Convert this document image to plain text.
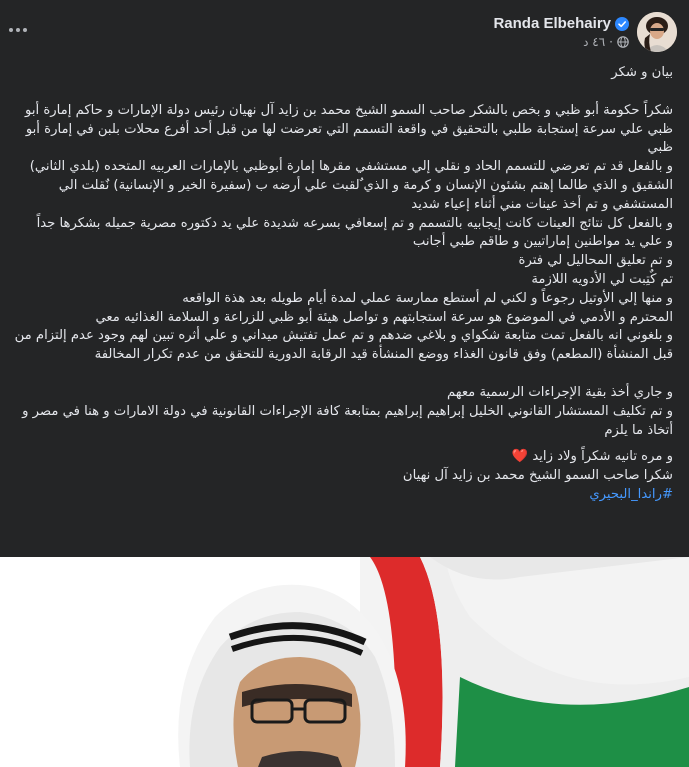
Randa Elbehairy
٤٦ د ·

بيان و شكر

شكراً حكومة أبو ظبي و بخص بالشكر صاحب السمو الشيخ محمد بن زايد آل نهيان رئيس دولة الإمارات و حاكم إمارة أبو ظبي علي سرعة إستجابة طلبي بالتحقيق في واقعة التسمم التي تعرضت لها من قبل أحد أفرع محلات بلبن في إمارة أبو ظبي

و بالفعل قد تم تعرضي للتسمم الحاد و نقلي إلي مستشفي مقرها إمارة أبوظبي بالإمارات العربيه المتحده (بلدي الثاني) الشقيق و الذي طالما إهتم بشئون الإنسان و كرمة و الذي ٌلقبت علي أرضه ب (سفيرة الخير و الإنسانية) نٌقلت الي المستشفي و تم أخذ عينات مني أثناء إعياء شديد

و بالفعل كل نتائج العينات كانت إيجابيه بالتسمم و تم إسعافي بسرعه شديدة علي يد دكتوره مصرية جميله بشكرها جداً

و علي يد مواطنين إماراتيين و طاقم طبي أجانب

و تم تعليق المحاليل لي فترة

تم كٌتِبت لي الأدويه اللازمة

و منها إلي الأوتيل رجوعاً و لكني لم أستطع ممارسة عملي لمدة أيام طويله بعد هذة الواقعه

المحترم و الأدمي في الموضوع هو سرعة استجابتهم و تواصل هيئة أبو ظبي للزراعة و السلامة الغذائيه معي

و بلغوني انه بالفعل تمت متابعة شكواي و بلاغي ضدهم و تم عمل تفتيش ميداني و علي أثره تبين لهم وجود عدم إلتزام من قبل المنشأة (المطعم) وفق قانون الغذاء ووضع المنشأة قيد الرقابة الدورية للتحقق من عدم تكرار المخالفة

و جاري أخذ بقية الإجراءات الرسمية معهم

و تم تكليف المستشار القانوني الخليل إبراهيم إبراهيم بمتابعة كافة الإجراءات القانونية في دولة الامارات و هنا في مصر و أتخاذ ما يلزم

و مره تانيه شكراً ولاد زايد ❤️

شكرا صاحب السمو الشيخ محمد بن زايد آل نهيان

#راندا_البحيري
